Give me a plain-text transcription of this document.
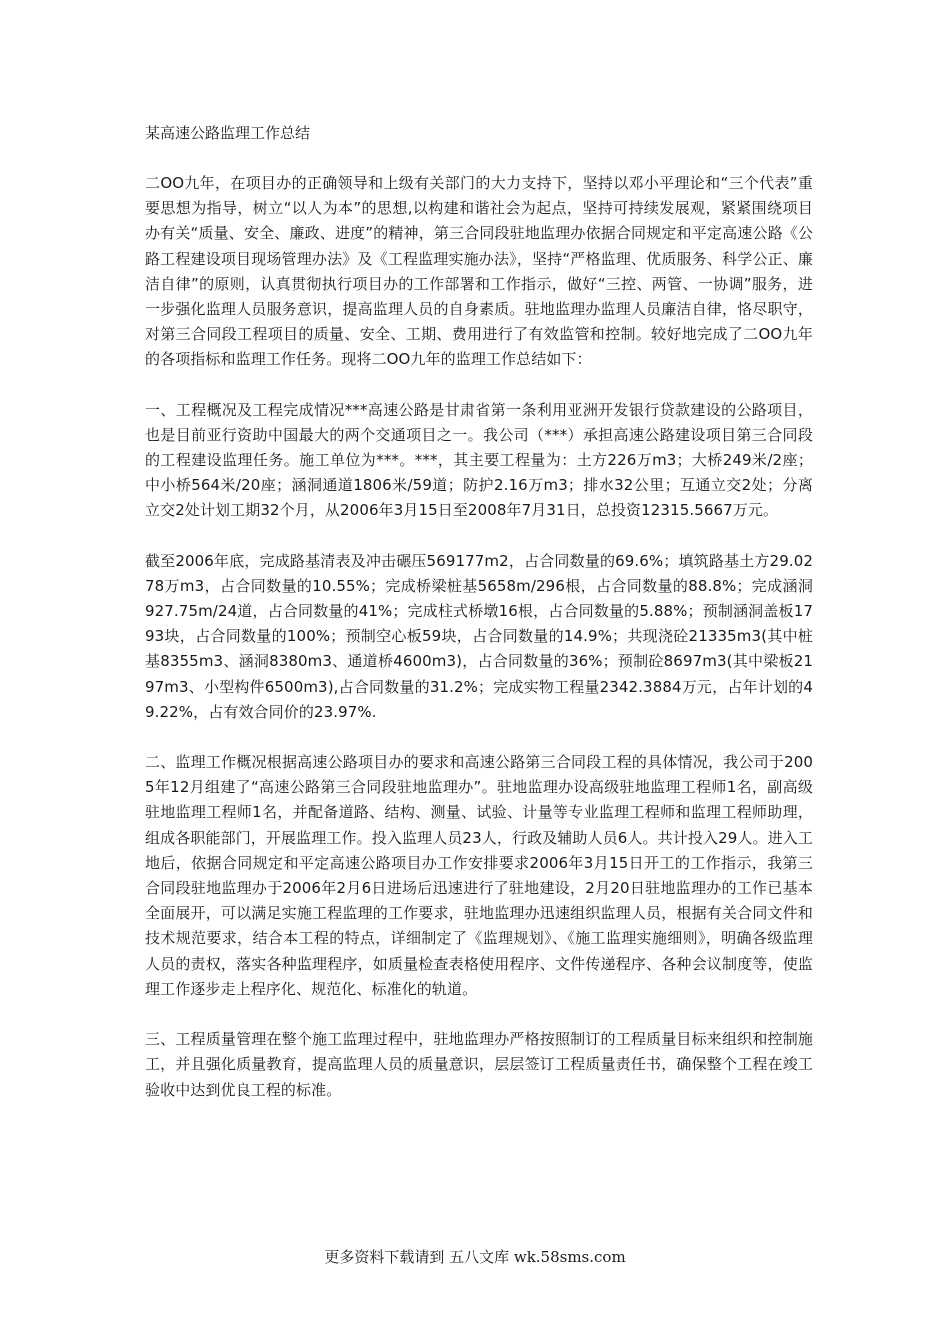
某高速公路监理工作总结

二OO九年，在项目办的正确领导和上级有关部门的大力支持下，坚持以邓小平理论和“三个代表”重要思想为指导，树立“以人为本”的思想,以构建和谐社会为起点，坚持可持续发展观，紧紧围绕项目办有关“质量、安全、廉政、进度”的精神，第三合同段驻地监理办依据合同规定和平定高速公路《公路工程建设项目现场管理办法》及《工程监理实施办法》，坚持“严格监理、优质服务、科学公正、廉洁自律”的原则，认真贯彻执行项目办的工作部署和工作指示，做好“三控、两管、一协调”服务，进一步强化监理人员服务意识，提高监理人员的自身素质。驻地监理办监理人员廉洁自律，恪尽职守，对第三合同段工程项目的质量、安全、工期、费用进行了有效监管和控制。较好地完成了二OO九年的各项指标和监理工作任务。现将二OO九年的监理工作总结如下：

一、工程概况及工程完成情况***高速公路是甘肃省第一条利用亚洲开发银行贷款建设的公路项目，也是目前亚行资助中国最大的两个交通项目之一。我公司（***）承担高速公路建设项目第三合同段的工程建设监理任务。施工单位为***。***，其主要工程量为：土方226万m3；大桥249米/2座；中小桥564米/20座；涵洞通道1806米/59道；防护2.16万m3；排水32公里；互通立交2处；分离立交2处计划工期32个月，从2006年3月15日至2008年7月31日，总投资12315.5667万元。

截至2006年底，完成路基清表及冲击碾压569177m2，占合同数量的69.6%；填筑路基土方29.0278万m3，占合同数量的10.55%；完成桥梁桩基5658m/296根，占合同数量的88.8%；完成涵洞927.75m/24道，占合同数量的41%；完成柱式桥墩16根，占合同数量的5.88%；预制涵洞盖板1793块，占合同数量的100%；预制空心板59块，占合同数量的14.9%；共现浇砼21335m3(其中桩基8355m3、涵洞8380m3、通道桥4600m3)，占合同数量的36%；预制砼8697m3(其中梁板2197m3、小型构件6500m3),占合同数量的31.2%；完成实物工程量2342.3884万元，占年计划的49.22%，占有效合同价的23.97%.

二、监理工作概况根据高速公路项目办的要求和高速公路第三合同段工程的具体情况，我公司于2005年12月组建了“高速公路第三合同段驻地监理办”。驻地监理办设高级驻地监理工程师1名，副高级驻地监理工程师1名，并配备道路、结构、测量、试验、计量等专业监理工程师和监理工程师助理，组成各职能部门，开展监理工作。投入监理人员23人，行政及辅助人员6人。共计投入29人。进入工地后，依据合同规定和平定高速公路项目办工作安排要求2006年3月15日开工的工作指示，我第三合同段驻地监理办于2006年2月6日进场后迅速进行了驻地建设，2月20日驻地监理办的工作已基本全面展开，可以满足实施工程监理的工作要求，驻地监理办迅速组织监理人员，根据有关合同文件和技术规范要求，结合本工程的特点，详细制定了《监理规划》、《施工监理实施细则》，明确各级监理人员的责权，落实各种监理程序，如质量检查表格使用程序、文件传递程序、各种会议制度等，使监理工作逐步走上程序化、规范化、标准化的轨道。

三、工程质量管理在整个施工监理过程中，驻地监理办严格按照制订的工程质量目标来组织和控制施工，并且强化质量教育，提高监理人员的质量意识，层层签订工程质量责任书，确保整个工程在竣工验收中达到优良工程的标准。

更多资料下载请到 五八文库 wk.58sms.com
